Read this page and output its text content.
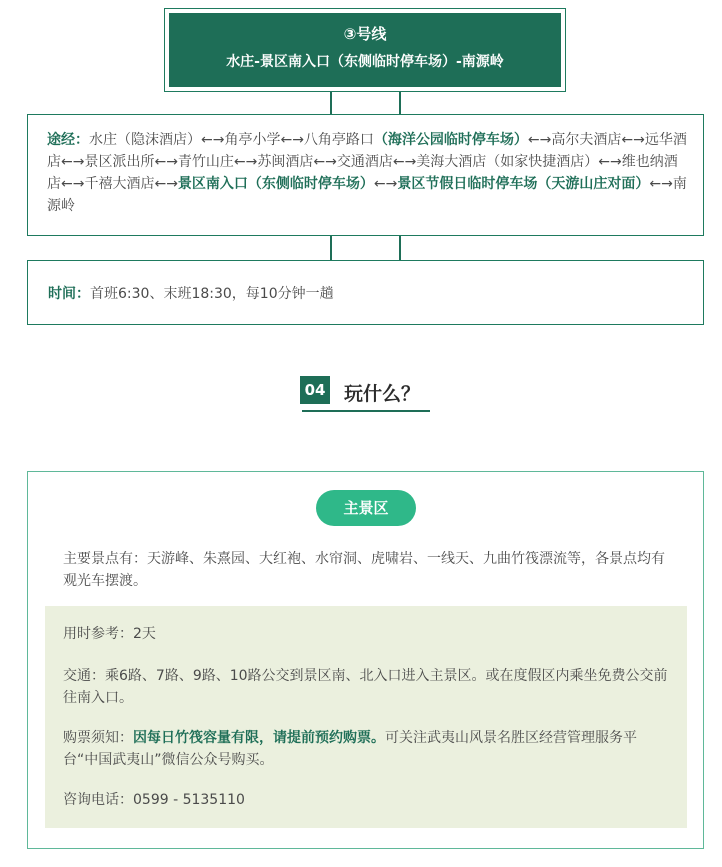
③号线
水庄-景区南入口（东侧临时停车场）-南源岭
途经：水庄（隐沫酒店）←→角亭小学←→八角亭路口（海洋公园临时停车场）←→高尔夫酒店←→远华酒店←→景区派出所←→青竹山庄←→苏闽酒店←→交通酒店←→美海大酒店（如家快捷酒店）←→维也纳酒店←→千禧大酒店←→景区南入口（东侧临时停车场）←→景区节假日临时停车场（天游山庄对面）←→南源岭
时间：首班6:30、末班18:30，每10分钟一趟
04 玩什么？
主景区
主要景点有：天游峰、朱熹园、大红袍、水帘洞、虎啸岩、一线天、九曲竹筏漂流等，各景点均有观光车摆渡。

用时参考：2天

交通：乘6路、7路、9路、10路公交到景区南、北入口进入主景区。或在度假区内乘坐免费公交前往南入口。

购票须知：因每日竹筏容量有限，请提前预约购票。可关注武夷山风景名胜区经营管理服务平台“中国武夷山”微信公众号购买。

咨询电话：0599 - 5135110
